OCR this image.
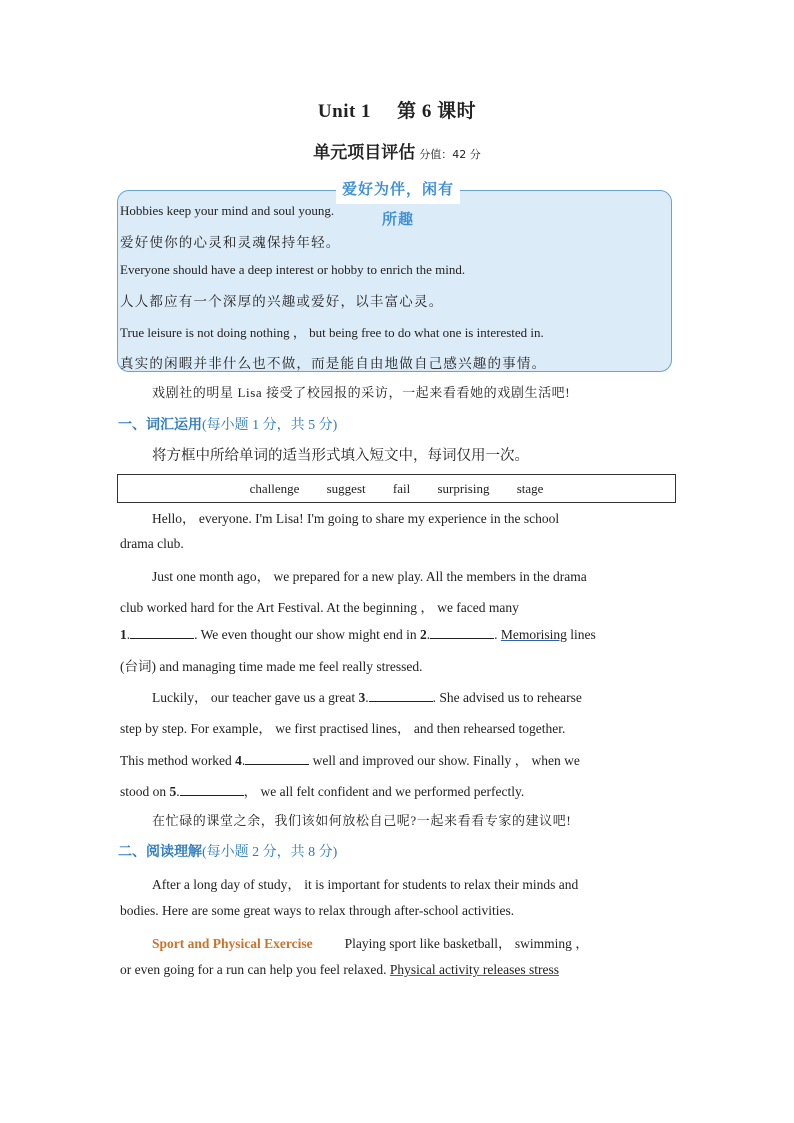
Unit 1 第 6 课时
单元项目评估 分值：42 分
爱好为伴，闲有所趣
Hobbies keep your mind and soul young.
爱好使你的心灵和灵魂保持年轻。
Everyone should have a deep interest or hobby to enrich the mind.
人人都应有一个深厚的兴趣或爱好，以丰富心灵。
True leisure is not doing nothing ， but being free to do what one is interested in.
真实的闲暇并非什么也不做，而是能自由地做自己感兴趣的事情。
戏剧社的明星 Lisa 接受了校园报的采访，一起来看看她的戏剧生活吧!
一、词汇运用(每小题 1 分，共 5 分)
将方框中所给单词的适当形式填入短文中，每词仅用一次。
challenge suggest fail surprising stage
Hello， everyone. I'm Lisa! I'm going to share my experience in the school
drama club.
Just one month ago， we prepared for a new play. All the members in the drama
club worked hard for the Art Festival. At the beginning ， we faced many
1.	. We even thought our show might end in 2.	. Memorising lines
(台词) and managing time made me feel really stressed.
Luckily， our teacher gave us a great 3.	. She advised us to rehearse
step by step. For example， we first practised lines， and then rehearsed together.
This method worked 4.	well and improved our show. Finally ， when we
stood on 5.	， we all felt confident and we performed perfectly.
在忙碌的课堂之余，我们该如何放松自己呢?一起来看看专家的建议吧!
二、阅读理解(每小题 2 分，共 8 分)
After a long day of study， it is important for students to relax their minds and
bodies. Here are some great ways to relax through after-school activities.
Sport and Physical Exercise Playing sport like basketball， swimming ，
or even going for a run can help you feel relaxed. Physical activity releases stress
